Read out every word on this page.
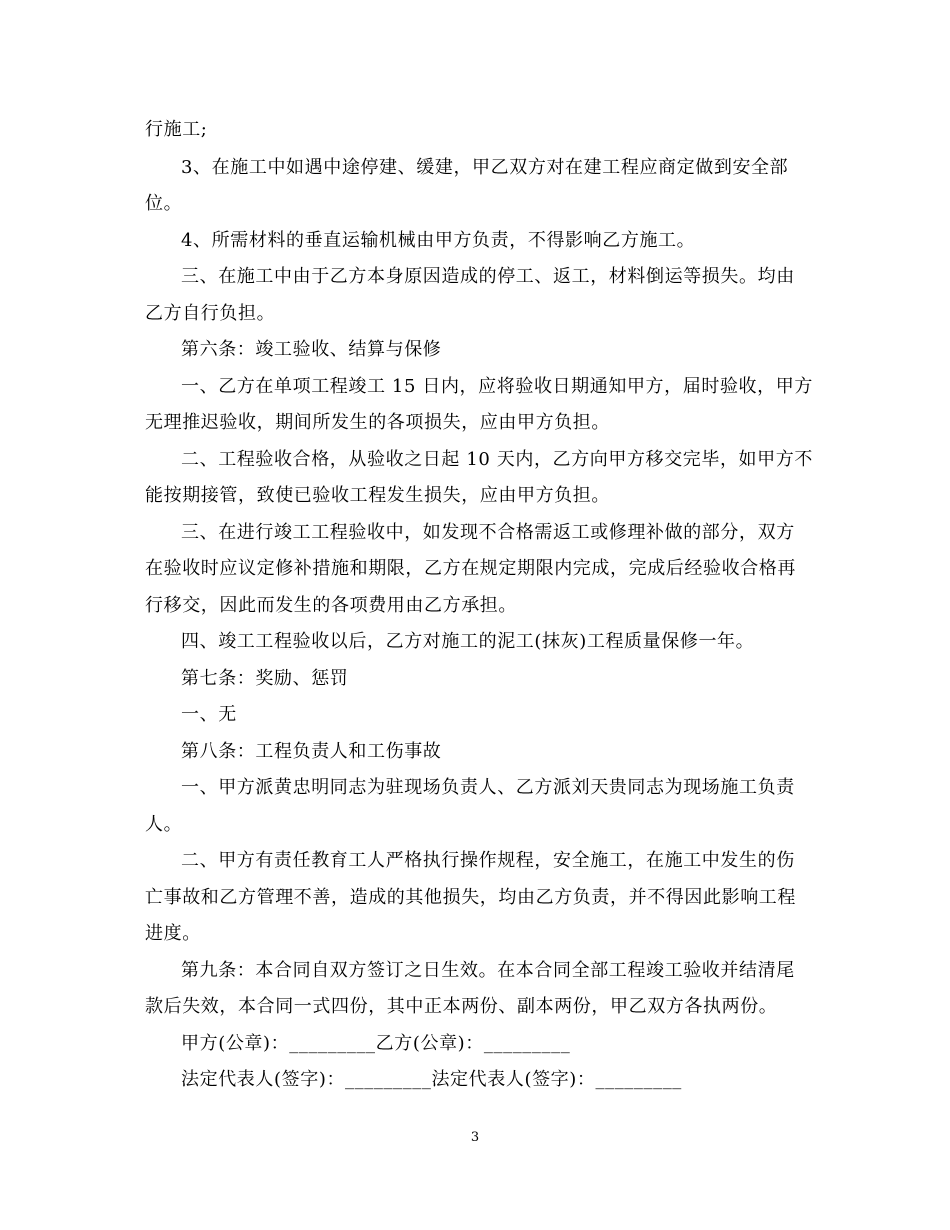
行施工;
3、在施工中如遇中途停建、缓建，甲乙双方对在建工程应商定做到安全部
位。
4、所需材料的垂直运输机械由甲方负责，不得影响乙方施工。
三、在施工中由于乙方本身原因造成的停工、返工，材料倒运等损失。均由
乙方自行负担。
第六条：竣工验收、结算与保修
一、乙方在单项工程竣工 15 日内，应将验收日期通知甲方，届时验收，甲方
无理推迟验收，期间所发生的各项损失，应由甲方负担。
二、工程验收合格，从验收之日起 10 天内，乙方向甲方移交完毕，如甲方不
能按期接管，致使已验收工程发生损失，应由甲方负担。
三、在进行竣工工程验收中，如发现不合格需返工或修理补做的部分，双方
在验收时应议定修补措施和期限，乙方在规定期限内完成，完成后经验收合格再
行移交，因此而发生的各项费用由乙方承担。
四、竣工工程验收以后，乙方对施工的泥工(抹灰)工程质量保修一年。
第七条：奖励、惩罚
一、无
第八条：工程负责人和工伤事故
一、甲方派黄忠明同志为驻现场负责人、乙方派刘天贵同志为现场施工负责
人。
二、甲方有责任教育工人严格执行操作规程，安全施工，在施工中发生的伤
亡事故和乙方管理不善，造成的其他损失，均由乙方负责，并不得因此影响工程
进度。
第九条：本合同自双方签订之日生效。在本合同全部工程竣工验收并结清尾
款后失效，本合同一式四份，其中正本两份、副本两份，甲乙双方各执两份。
甲方(公章)：_________乙方(公章)：_________
法定代表人(签字)：_________法定代表人(签字)：_________
3
